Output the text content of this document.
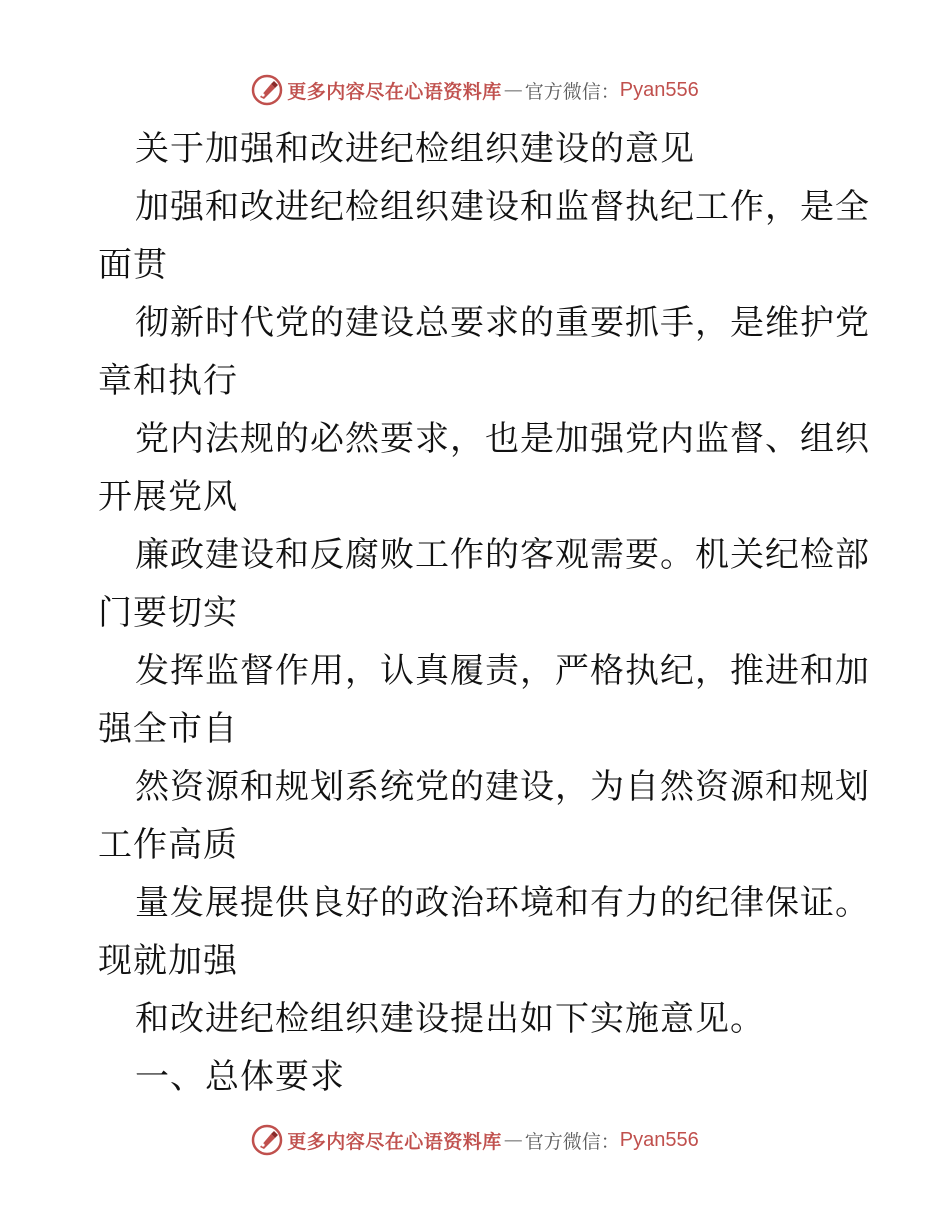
更多内容尽在心语资料库 — 官方微信： Pyan556
关于加强和改进纪检组织建设的意见
加强和改进纪检组织建设和监督执纪工作，是全
面贯
彻新时代党的建设总要求的重要抓手，是维护党
章和执行
党内法规的必然要求，也是加强党内监督、组织
开展党风
廉政建设和反腐败工作的客观需要。机关纪检部
门要切实
发挥监督作用，认真履责，严格执纪，推进和加
强全市自
然资源和规划系统党的建设，为自然资源和规划
工作高质
量发展提供良好的政治环境和有力的纪律保证。
现就加强
和改进纪检组织建设提出如下实施意见。
一、总体要求
更多内容尽在心语资料库 — 官方微信： Pyan556
